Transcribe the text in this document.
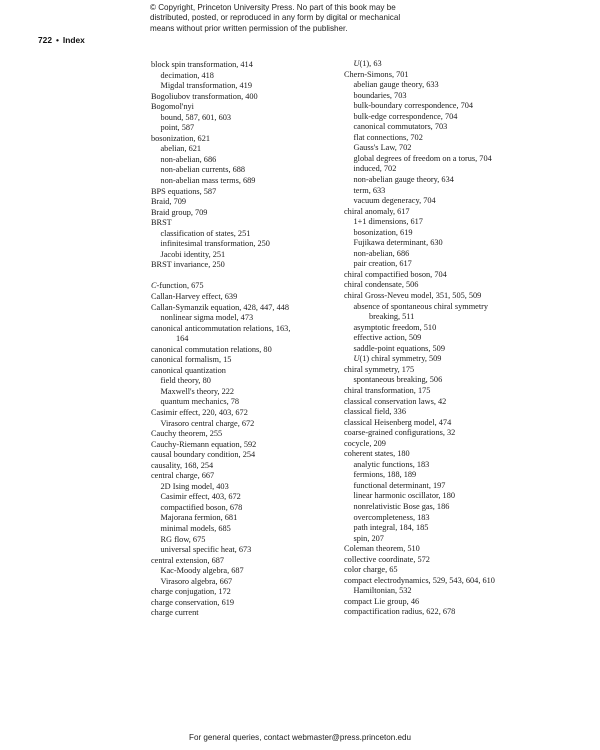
© Copyright, Princeton University Press. No part of this book may be
distributed, posted, or reproduced in any form by digital or mechanical
means without prior written permission of the publisher.
722 • Index
block spin transformation, 414
decimation, 418
Migdal transformation, 419
Bogoliubov transformation, 400
Bogomol'nyi
bound, 587, 601, 603
point, 587
bosonization, 621
abelian, 621
non-abelian, 686
non-abelian currents, 688
non-abelian mass terms, 689
BPS equations, 587
Braid, 709
Braid group, 709
BRST
classification of states, 251
infinitesimal transformation, 250
Jacobi identity, 251
BRST invariance, 250
C-function, 675
Callan-Harvey effect, 639
Callan-Symanzik equation, 428, 447, 448
nonlinear sigma model, 473
canonical anticommutation relations, 163,
164
canonical commutation relations, 80
canonical formalism, 15
canonical quantization
field theory, 80
Maxwell's theory, 222
quantum mechanics, 78
Casimir effect, 220, 403, 672
Virasoro central charge, 672
Cauchy theorem, 255
Cauchy-Riemann equation, 592
causal boundary condition, 254
causality, 168, 254
central charge, 667
2D Ising model, 403
Casimir effect, 403, 672
compactified boson, 678
Majorana fermion, 681
minimal models, 685
RG flow, 675
universal specific heat, 673
central extension, 687
Kac-Moody algebra, 687
Virasoro algebra, 667
charge conjugation, 172
charge conservation, 619
charge current
U(1), 63
Chern-Simons, 701
abelian gauge theory, 633
boundaries, 703
bulk-boundary correspondence, 704
bulk-edge correspondence, 704
canonical commutators, 703
flat connections, 702
Gauss's Law, 702
global degrees of freedom on a torus, 704
induced, 702
non-abelian gauge theory, 634
term, 633
vacuum degeneracy, 704
chiral anomaly, 617
1+1 dimensions, 617
bosonization, 619
Fujikawa determinant, 630
non-abelian, 686
pair creation, 617
chiral compactified boson, 704
chiral condensate, 506
chiral Gross-Neveu model, 351, 505, 509
absence of spontaneous chiral symmetry
breaking, 511
asymptotic freedom, 510
effective action, 509
saddle-point equations, 509
U(1) chiral symmetry, 509
chiral symmetry, 175
spontaneous breaking, 506
chiral transformation, 175
classical conservation laws, 42
classical field, 336
classical Heisenberg model, 474
coarse-grained configurations, 32
cocycle, 209
coherent states, 180
analytic functions, 183
fermions, 188, 189
functional determinant, 197
linear harmonic oscillator, 180
nonrelativistic Bose gas, 186
overcompleteness, 183
path integral, 184, 185
spin, 207
Coleman theorem, 510
collective coordinate, 572
color charge, 65
compact electrodynamics, 529, 543, 604, 610
Hamiltonian, 532
compact Lie group, 46
compactification radius, 622, 678
For general queries, contact webmaster@press.princeton.edu
